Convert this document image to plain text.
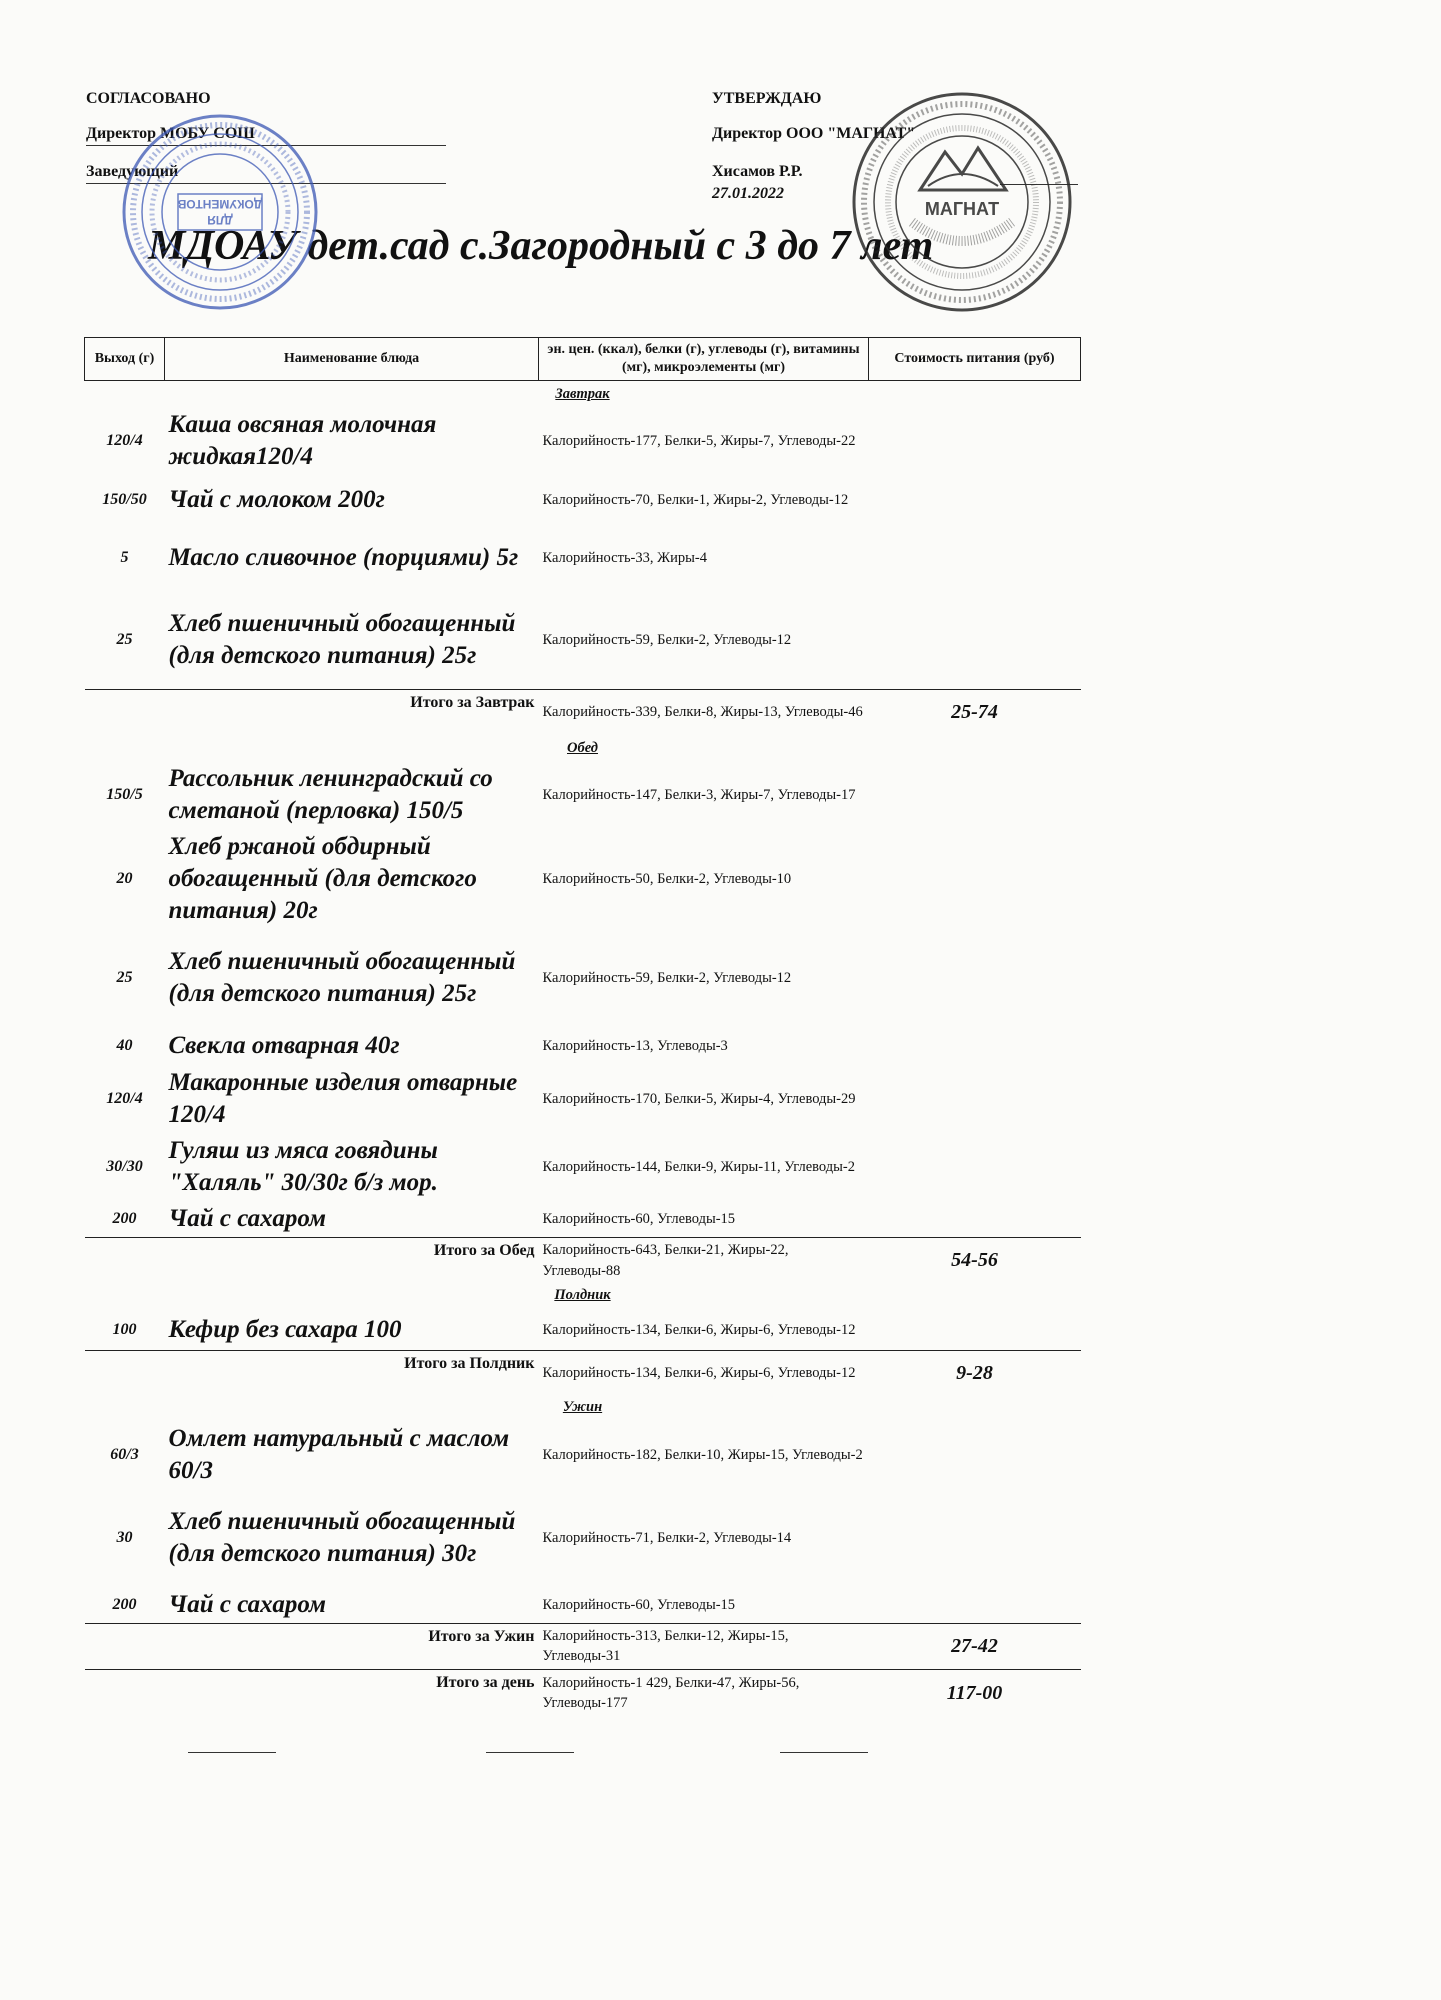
СОГЛАСОВАНО
Директор МОБУ СОШ
Заведующий
УТВЕРЖДАЮ
Директор ООО "МАГНАТ"
Хисамов Р.Р.
27.01.2022
МДОАУ дет.сад с.Загородный с 3 до 7 лет
ДЛЯ
ДОКУМЕНТОВ	МАГНАТ
Выход (г)	Наименование блюда	эн. цен. (ккал), белки (г), углеводы (г), витамины (мг), микроэлементы (мг)	Стоимость питания (руб)
Завтрак			
120/4	Каша овсяная молочная жидкая120/4	Калорийность-177, Белки-5, Жиры-7, Углеводы-22	
150/50	Чай с молоком 200г	Калорийность-70, Белки-1, Жиры-2, Углеводы-12	
5	Масло сливочное (порциями) 5г	Калорийность-33, Жиры-4	
25	Хлеб пшеничный обогащенный (для детского питания) 25г	Калорийность-59, Белки-2, Углеводы-12	
	Итого за Завтрак	Калорийность-339, Белки-8, Жиры-13, Углеводы-46	25-74
Обед			
150/5	Рассольник ленинградский со сметаной (перловка) 150/5	Калорийность-147, Белки-3, Жиры-7, Углеводы-17	
20	Хлеб ржаной обдирный обогащенный (для детского питания) 20г	Калорийность-50, Белки-2, Углеводы-10	
25	Хлеб пшеничный обогащенный (для детского питания) 25г	Калорийность-59, Белки-2, Углеводы-12	
40	Свекла отварная 40г	Калорийность-13, Углеводы-3	
120/4	Макаронные изделия отварные 120/4	Калорийность-170, Белки-5, Жиры-4, Углеводы-29	
30/30	Гуляш из мяса говядины "Халяль" 30/30г б/з мор.	Калорийность-144, Белки-9, Жиры-11, Углеводы-2	
200	Чай с сахаром	Калорийность-60, Углеводы-15	
	Итого за Обед	Калорийность-643, Белки-21, Жиры-22, Углеводы-88	54-56
Полдник			
100	Кефир без сахара 100	Калорийность-134, Белки-6, Жиры-6, Углеводы-12	
	Итого за Полдник	Калорийность-134, Белки-6, Жиры-6, Углеводы-12	9-28
Ужин			
60/3	Омлет натуральный с маслом 60/3	Калорийность-182, Белки-10, Жиры-15, Углеводы-2	
30	Хлеб пшеничный обогащенный (для детского питания) 30г	Калорийность-71, Белки-2, Углеводы-14	
200	Чай с сахаром	Калорийность-60, Углеводы-15	
	Итого за Ужин	Калорийность-313, Белки-12, Жиры-15, Углеводы-31	27-42
	Итого за день	Калорийность-1 429, Белки-47, Жиры-56, Углеводы-177	117-00
